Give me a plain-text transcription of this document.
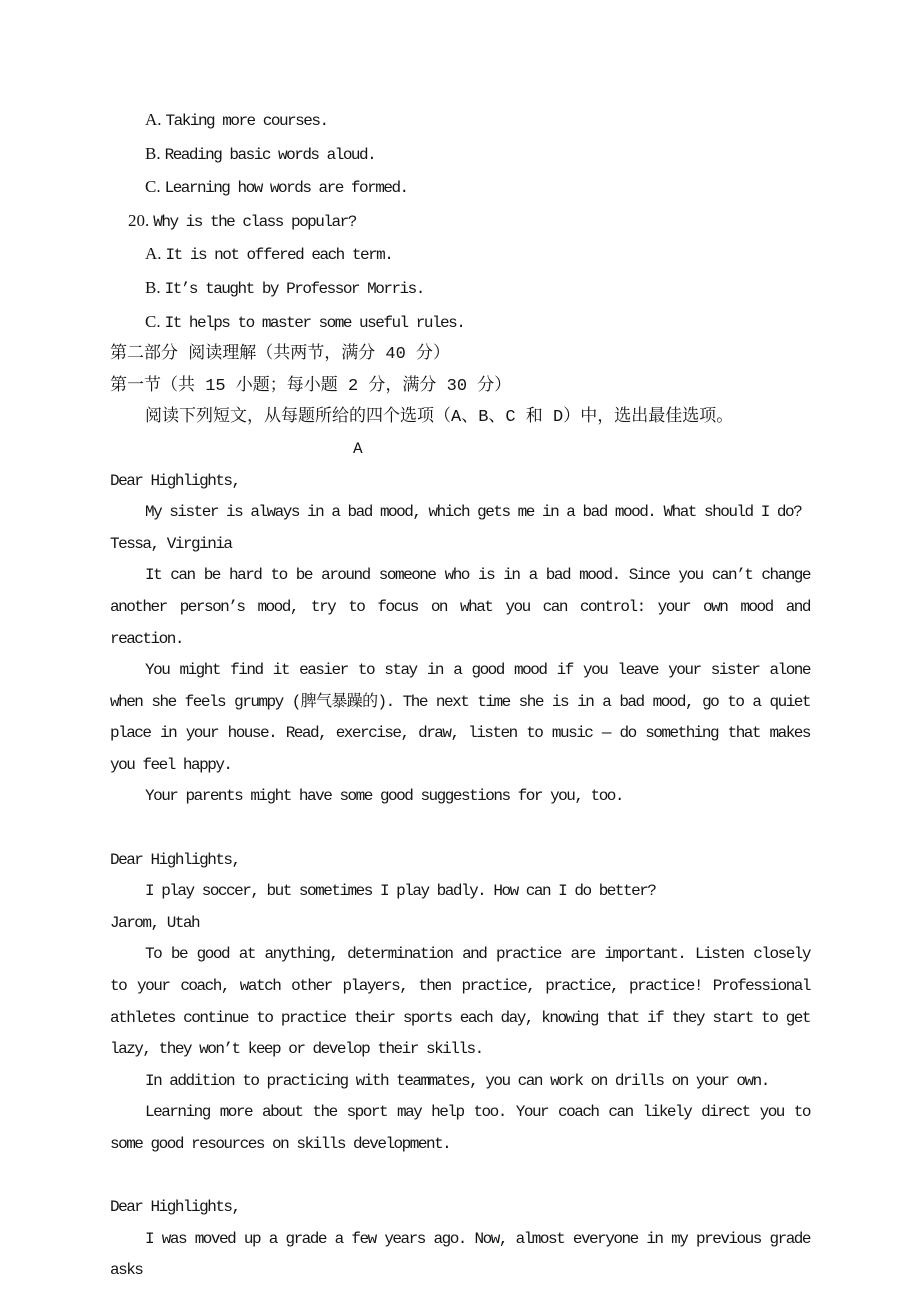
A. Taking more courses.
B. Reading basic words aloud.
C. Learning how words are formed.
20. Why is the class popular?
A. It is not offered each term.
B. It’s taught by Professor Morris.
C. It helps to master some useful rules.
第二部分 阅读理解（共两节，满分 40 分）
第一节（共 15 小题；每小题 2 分，满分 30 分）
阅读下列短文，从每题所给的四个选项（A、B、C 和 D）中，选出最佳选项。
A
Dear Highlights,

My sister is always in a bad mood, which gets me in a bad mood. What should I do?

Tessa, Virginia

It can be hard to be around someone who is in a bad mood. Since you can’t change another person’s mood, try to focus on what you can control: your own mood and reaction.

You might find it easier to stay in a good mood if you leave your sister alone when she feels grumpy (脾气暴躁的). The next time she is in a bad mood, go to a quiet place in your house. Read, exercise, draw, listen to music — do something that makes you feel happy.

Your parents might have some good suggestions for you, too.

Dear Highlights,

I play soccer, but sometimes I play badly. How can I do better?

Jarom, Utah

To be good at anything, determination and practice are important. Listen closely to your coach, watch other players, then practice, practice, practice! Professional athletes continue to practice their sports each day, knowing that if they start to get lazy, they won’t keep or develop their skills.

In addition to practicing with teammates, you can work on drills on your own.

Learning more about the sport may help too. Your coach can likely direct you to some good resources on skills development.

Dear Highlights,

I was moved up a grade a few years ago. Now, almost everyone in my previous grade asks
